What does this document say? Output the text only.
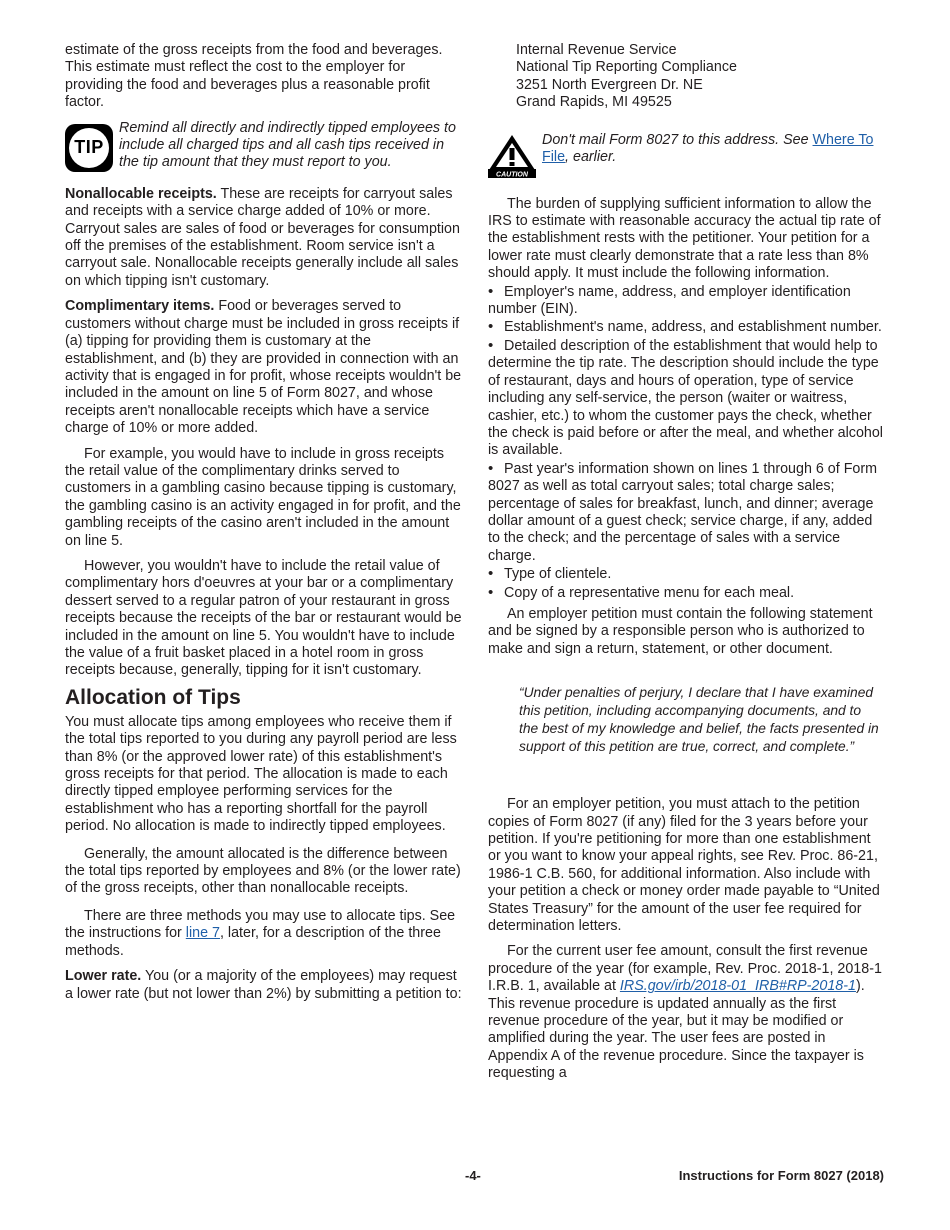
estimate of the gross receipts from the food and beverages. This estimate must reflect the cost to the employer for providing the food and beverages plus a reasonable profit factor.

TIP
Remind all directly and indirectly tipped employees to include all charged tips and all cash tips received in the tip amount that they must report to you.

Nonallocable receipts. These are receipts for carryout sales and receipts with a service charge added of 10% or more. Carryout sales are sales of food or beverages for consumption off the premises of the establishment. Room service isn't a carryout sale. Nonallocable receipts generally include all sales on which tipping isn't customary.

Complimentary items. Food or beverages served to customers without charge must be included in gross receipts if (a) tipping for providing them is customary at the establishment, and (b) they are provided in connection with an activity that is engaged in for profit, whose receipts wouldn't be included in the amount on line 5 of Form 8027, and whose receipts aren't nonallocable receipts which have a service charge of 10% or more added.

For example, you would have to include in gross receipts the retail value of the complimentary drinks served to customers in a gambling casino because tipping is customary, the gambling casino is an activity engaged in for profit, and the gambling receipts of the casino aren't included in the amount on line 5.

However, you wouldn't have to include the retail value of complimentary hors d'oeuvres at your bar or a complimentary dessert served to a regular patron of your restaurant in gross receipts because the receipts of the bar or restaurant would be included in the amount on line 5. You wouldn't have to include the value of a fruit basket placed in a hotel room in gross receipts because, generally, tipping for it isn't customary.

Allocation of Tips

You must allocate tips among employees who receive them if the total tips reported to you during any payroll period are less than 8% (or the approved lower rate) of this establishment's gross receipts for that period. The allocation is made to each directly tipped employee performing services for the establishment who has a reporting shortfall for the payroll period. No allocation is made to indirectly tipped employees.

Generally, the amount allocated is the difference between the total tips reported by employees and 8% (or the lower rate) of the gross receipts, other than nonallocable receipts.

There are three methods you may use to allocate tips. See the instructions for line 7, later, for a description of the three methods.

Lower rate. You (or a majority of the employees) may request a lower rate (but not lower than 2%) by submitting a petition to:

Internal Revenue Service
National Tip Reporting Compliance
3251 North Evergreen Dr. NE
Grand Rapids, MI 49525
CAUTION
Don't mail Form 8027 to this address. See Where To File, earlier.

The burden of supplying sufficient information to allow the IRS to estimate with reasonable accuracy the actual tip rate of the establishment rests with the petitioner. Your petition for a lower rate must clearly demonstrate that a rate less than 8% should apply. It must include the following information.

• Employer's name, address, and employer identification number (EIN).
• Establishment's name, address, and establishment number.
• Detailed description of the establishment that would help to determine the tip rate. The description should include the type of restaurant, days and hours of operation, type of service including any self-service, the person (waiter or waitress, cashier, etc.) to whom the customer pays the check, whether the check is paid before or after the meal, and whether alcohol is available.
• Past year's information shown on lines 1 through 6 of Form 8027 as well as total carryout sales; total charge sales; percentage of sales for breakfast, lunch, and dinner; average dollar amount of a guest check; service charge, if any, added to the check; and the percentage of sales with a service charge.
• Type of clientele.
• Copy of a representative menu for each meal.

An employer petition must contain the following statement and be signed by a responsible person who is authorized to make and sign a return, statement, or other document.

“Under penalties of perjury, I declare that I have examined this petition, including accompanying documents, and to the best of my knowledge and belief, the facts presented in support of this petition are true, correct, and complete.”

For an employer petition, you must attach to the petition copies of Form 8027 (if any) filed for the 3 years before your petition. If you're petitioning for more than one establishment or you want to know your appeal rights, see Rev. Proc. 86-21, 1986-1 C.B. 560, for additional information. Also include with your petition a check or money order made payable to “United States Treasury” for the amount of the user fee required for determination letters.

For the current user fee amount, consult the first revenue procedure of the year (for example, Rev. Proc. 2018-1, 2018-1 I.R.B. 1, available at IRS.gov/irb/2018-01_IRB#RP-2018-1). This revenue procedure is updated annually as the first revenue procedure of the year, but it may be modified or amplified during the year. The user fees are posted in Appendix A of the revenue procedure. Since the taxpayer is requesting a

-4-	Instructions for Form 8027 (2018)
